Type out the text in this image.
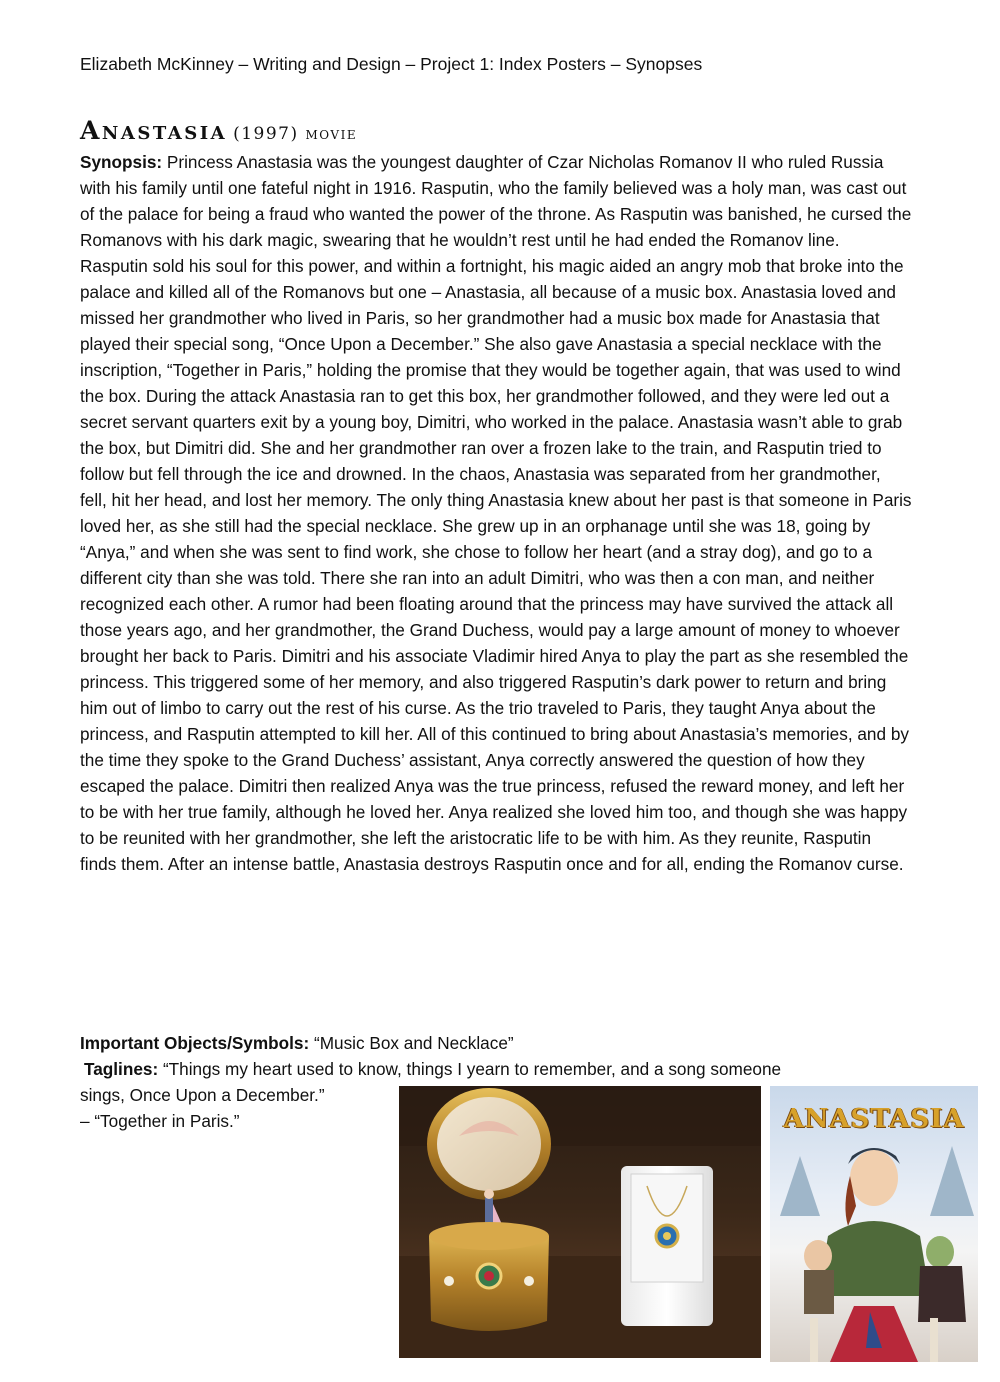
Elizabeth McKinney – Writing and Design – Project 1: Index Posters – Synopses
Anastasia (1997) movie

Synopsis: Princess Anastasia was the youngest daughter of Czar Nicholas Romanov II who ruled Russia with his family until one fateful night in 1916. Rasputin, who the family believed was a holy man, was cast out of the palace for being a fraud who wanted the power of the throne. As Rasputin was banished, he cursed the Romanovs with his dark magic, swearing that he wouldn’t rest until he had ended the Romanov line. Rasputin sold his soul for this power, and within a fortnight, his magic aided an angry mob that broke into the palace and killed all of the Romanovs but one – Anastasia, all because of a music box. Anastasia loved and missed her grandmother who lived in Paris, so her grandmother had a music box made for Anastasia that played their special song, “Once Upon a December.” She also gave Anastasia a special necklace with the inscription, “Together in Paris,” holding the promise that they would be together again, that was used to wind the box. During the attack Anastasia ran to get this box, her grandmother followed, and they were led out a secret servant quarters exit by a young boy, Dimitri, who worked in the palace. Anastasia wasn’t able to grab the box, but Dimitri did. She and her grandmother ran over a frozen lake to the train, and Rasputin tried to follow but fell through the ice and drowned. In the chaos, Anastasia was separated from her grandmother, fell, hit her head, and lost her memory. The only thing Anastasia knew about her past is that someone in Paris loved her, as she still had the special necklace. She grew up in an orphanage until she was 18, going by “Anya,” and when she was sent to find work, she chose to follow her heart (and a stray dog), and go to a different city than she was told. There she ran into an adult Dimitri, who was then a con man, and neither recognized each other. A rumor had been floating around that the princess may have survived the attack all those years ago, and her grandmother, the Grand Duchess, would pay a large amount of money to whoever brought her back to Paris. Dimitri and his associate Vladimir hired Anya to play the part as she resembled the princess. This triggered some of her memory, and also triggered Rasputin’s dark power to return and bring him out of limbo to carry out the rest of his curse. As the trio traveled to Paris, they taught Anya about the princess, and Rasputin attempted to kill her. All of this continued to bring about Anastasia’s memories, and by the time they spoke to the Grand Duchess’ assistant, Anya correctly answered the question of how they escaped the palace. Dimitri then realized Anya was the true princess, refused the reward money, and left her to be with her true family, although he loved her. Anya realized she loved him too, and though she was happy to be reunited with her grandmother, she left the aristocratic life to be with him. As they reunite, Rasputin finds them. After an intense battle, Anastasia destroys Rasputin once and for all, ending the Romanov curse.

Important Objects/Symbols: “Music Box and Necklace”
Taglines: “Things my heart used to know, things I yearn to remember, and a song someone
sings, Once Upon a December.”
– “Together in Paris.”	ANASTASIA
